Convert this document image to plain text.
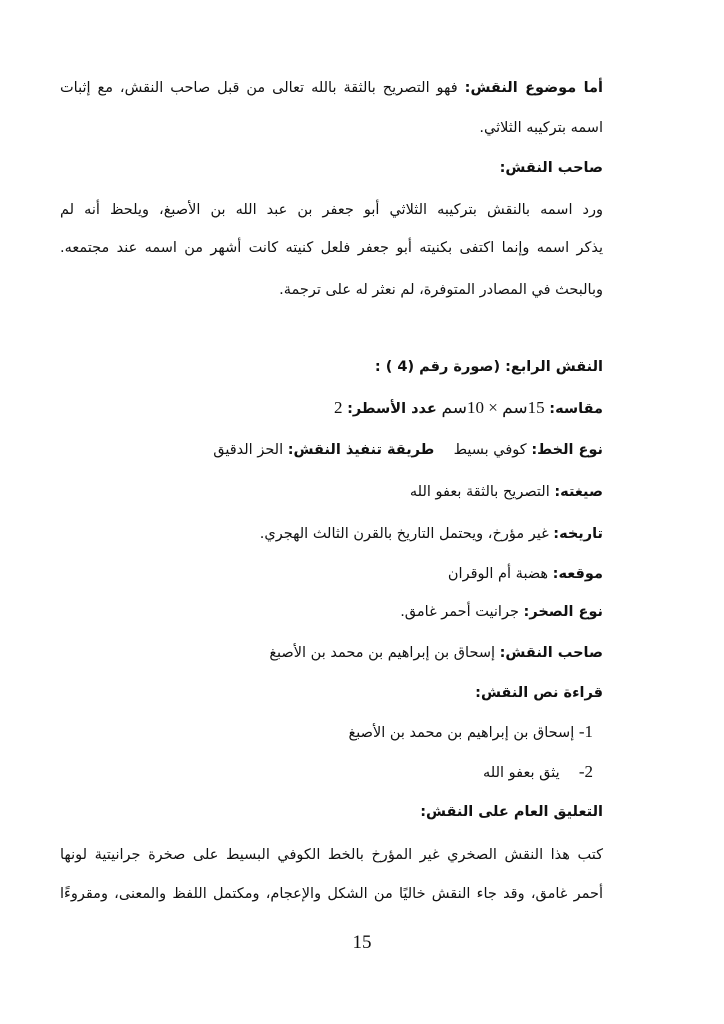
أما موضوع النقش: فهو التصريح بالثقة بالله تعالى من قبل صاحب النقش، مع إثبات
اسمه بتركيبه الثلاثي.
صاحب النقش:
ورد اسمه بالنقش بتركيبه الثلاثي أبو جعفر بن عبد الله بن الأصبغ، ويلحظ أنه لم
يذكر اسمه وإنما اكتفى بكنيته أبو جعفر فلعل كنيته كانت أشهر من اسمه عند مجتمعه.
وبالبحث في المصادر المتوفرة، لم نعثر له على ترجمة.
النقش الرابع: (صورة رقم (4 ) :
مقاسه: 15سم × 10سم عدد الأسطر: 2
نوع الخط: كوفي بسيط  طريقة تنفيذ النقش: الحز الدقيق
صيغته: التصريح بالثقة بعفو الله
تاريخه: غير مؤرخ، ويحتمل التاريخ بالقرن الثالث الهجري.
موقعه: هضبة أم الوقران
نوع الصخر: جرانيت أحمر غامق.
صاحب النقش: إسحاق بن إبراهيم بن محمد بن الأصبغ
قراءة نص النقش:
1- إسحاق بن إبراهيم بن محمد بن الأصبغ
2-  يثق بعفو الله
التعليق العام على النقش:
كتب هذا النقش الصخري غير المؤرخ بالخط الكوفي البسيط على صخرة جرانيتية لونها
أحمر غامق، وقد جاء النقش خاليًا من الشكل والإعجام، ومكتمل اللفظ والمعنى، ومقروءًا
15
